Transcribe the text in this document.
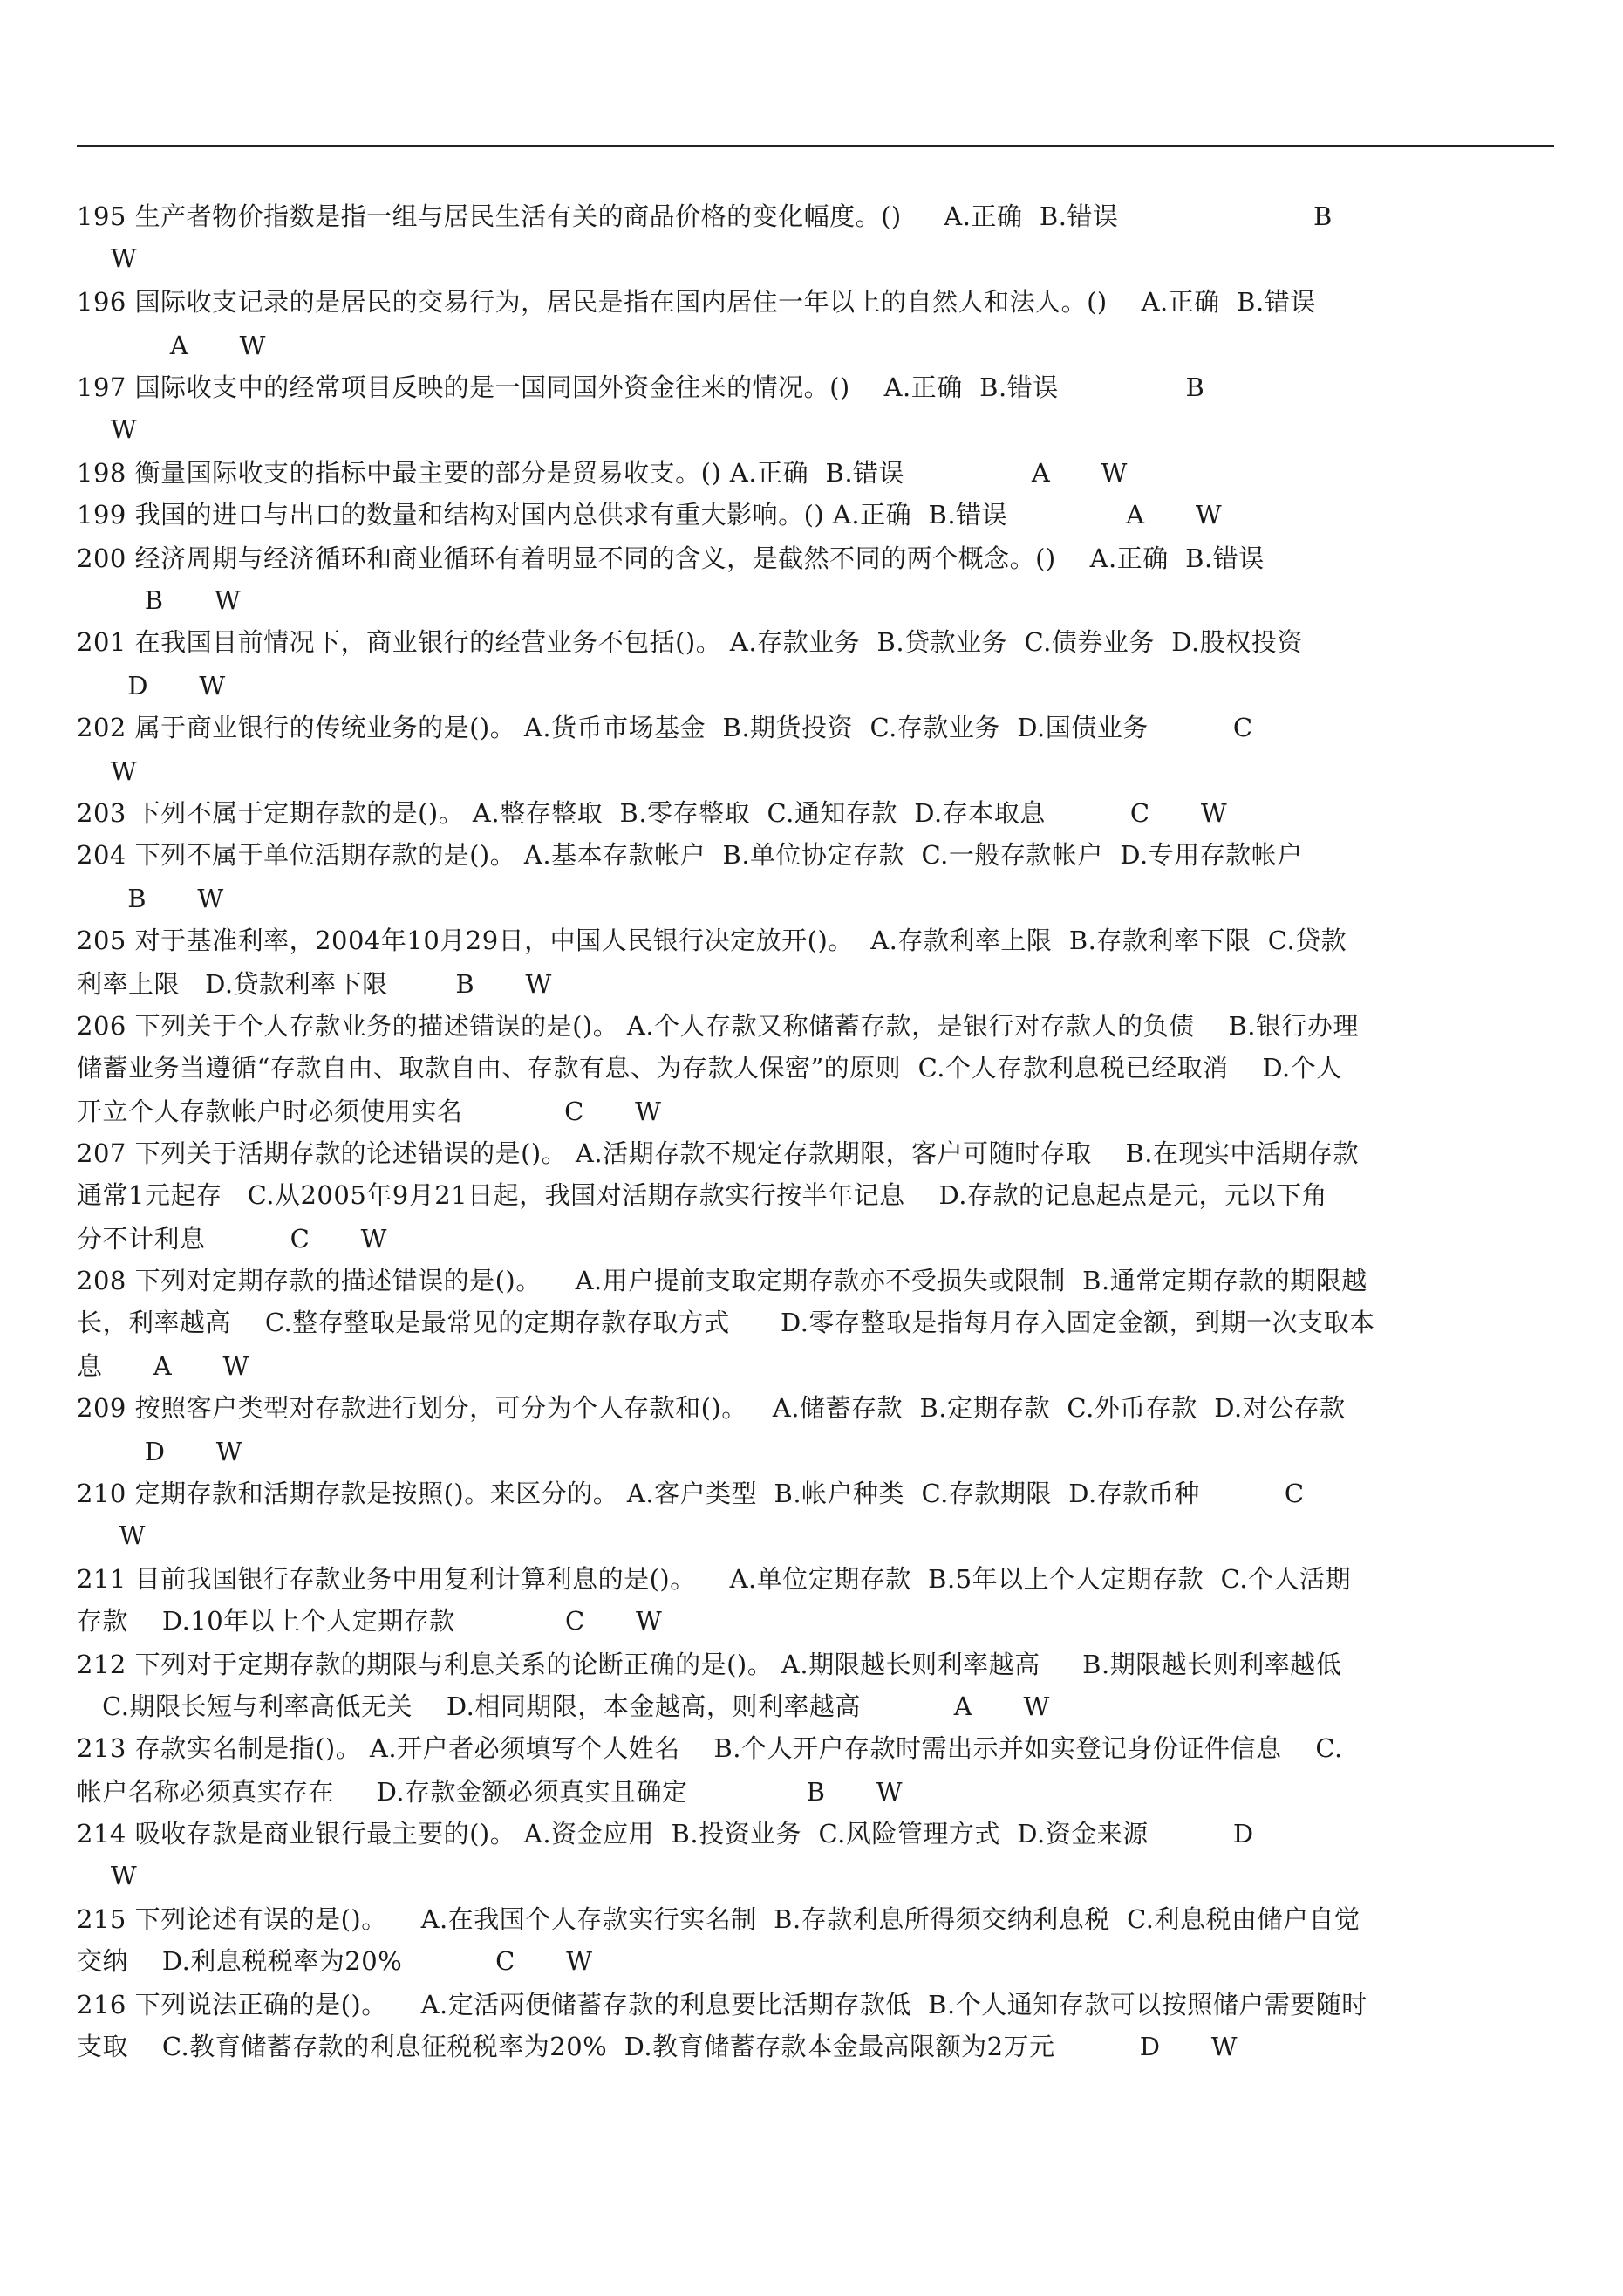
195 生产者物价指数是指一组与居民生活有关的商品价格的变化幅度。()     A.正确  B.错误                       B
W
196 国际收支记录的是居民的交易行为，居民是指在国内居住一年以上的自然人和法人。()    A.正确  B.错误
A      W
197 国际收支中的经常项目反映的是一国同国外资金往来的情况。()    A.正确  B.错误               B
W
198 衡量国际收支的指标中最主要的部分是贸易收支。() A.正确  B.错误               A      W
199 我国的进口与出口的数量和结构对国内总供求有重大影响。() A.正确  B.错误              A      W
200 经济周期与经济循环和商业循环有着明显不同的含义，是截然不同的两个概念。()    A.正确  B.错误
B      W
201 在我国目前情况下，商业银行的经营业务不包括()。 A.存款业务  B.贷款业务  C.债券业务  D.股权投资
D      W
202 属于商业银行的传统业务的是()。 A.货币市场基金  B.期货投资  C.存款业务  D.国债业务          C
W
203 下列不属于定期存款的是()。 A.整存整取  B.零存整取  C.通知存款  D.存本取息          C      W
204 下列不属于单位活期存款的是()。 A.基本存款帐户  B.单位协定存款  C.一般存款帐户  D.专用存款帐户
B      W
205 对于基准利率，2004年10月29日，中国人民银行决定放开()。  A.存款利率上限  B.存款利率下限  C.贷款
利率上限   D.贷款利率下限        B      W
206 下列关于个人存款业务的描述错误的是()。 A.个人存款又称储蓄存款，是银行对存款人的负债    B.银行办理
储蓄业务当遵循“存款自由、取款自由、存款有息、为存款人保密”的原则  C.个人存款利息税已经取消    D.个人
开立个人存款帐户时必须使用实名            C      W
207 下列关于活期存款的论述错误的是()。 A.活期存款不规定存款期限，客户可随时存取    B.在现实中活期存款
通常1元起存   C.从2005年9月21日起，我国对活期存款实行按半年记息    D.存款的记息起点是元，元以下角
分不计利息          C      W
208 下列对定期存款的描述错误的是()。    A.用户提前支取定期存款亦不受损失或限制  B.通常定期存款的期限越
长，利率越高    C.整存整取是最常见的定期存款存取方式      D.零存整取是指每月存入固定金额，到期一次支取本
息      A      W
209 按照客户类型对存款进行划分，可分为个人存款和()。   A.储蓄存款  B.定期存款  C.外币存款  D.对公存款
D      W
210 定期存款和活期存款是按照()。来区分的。 A.客户类型  B.帐户种类  C.存款期限  D.存款币种          C
W
211 目前我国银行存款业务中用复利计算利息的是()。    A.单位定期存款  B.5年以上个人定期存款  C.个人活期
存款    D.10年以上个人定期存款             C      W
212 下列对于定期存款的期限与利息关系的论断正确的是()。 A.期限越长则利率越高     B.期限越长则利率越低
C.期限长短与利率高低无关    D.相同期限，本金越高，则利率越高           A      W
213 存款实名制是指()。 A.开户者必须填写个人姓名    B.个人开户存款时需出示并如实登记身份证件信息    C.
帐户名称必须真实存在     D.存款金额必须真实且确定              B      W
214 吸收存款是商业银行最主要的()。 A.资金应用  B.投资业务  C.风险管理方式  D.资金来源          D
W
215 下列论述有误的是()。    A.在我国个人存款实行实名制  B.存款利息所得须交纳利息税  C.利息税由储户自觉
交纳    D.利息税税率为20%           C      W
216 下列说法正确的是()。    A.定活两便储蓄存款的利息要比活期存款低  B.个人通知存款可以按照储户需要随时
支取    C.教育储蓄存款的利息征税税率为20%  D.教育储蓄存款本金最高限额为2万元          D      W
